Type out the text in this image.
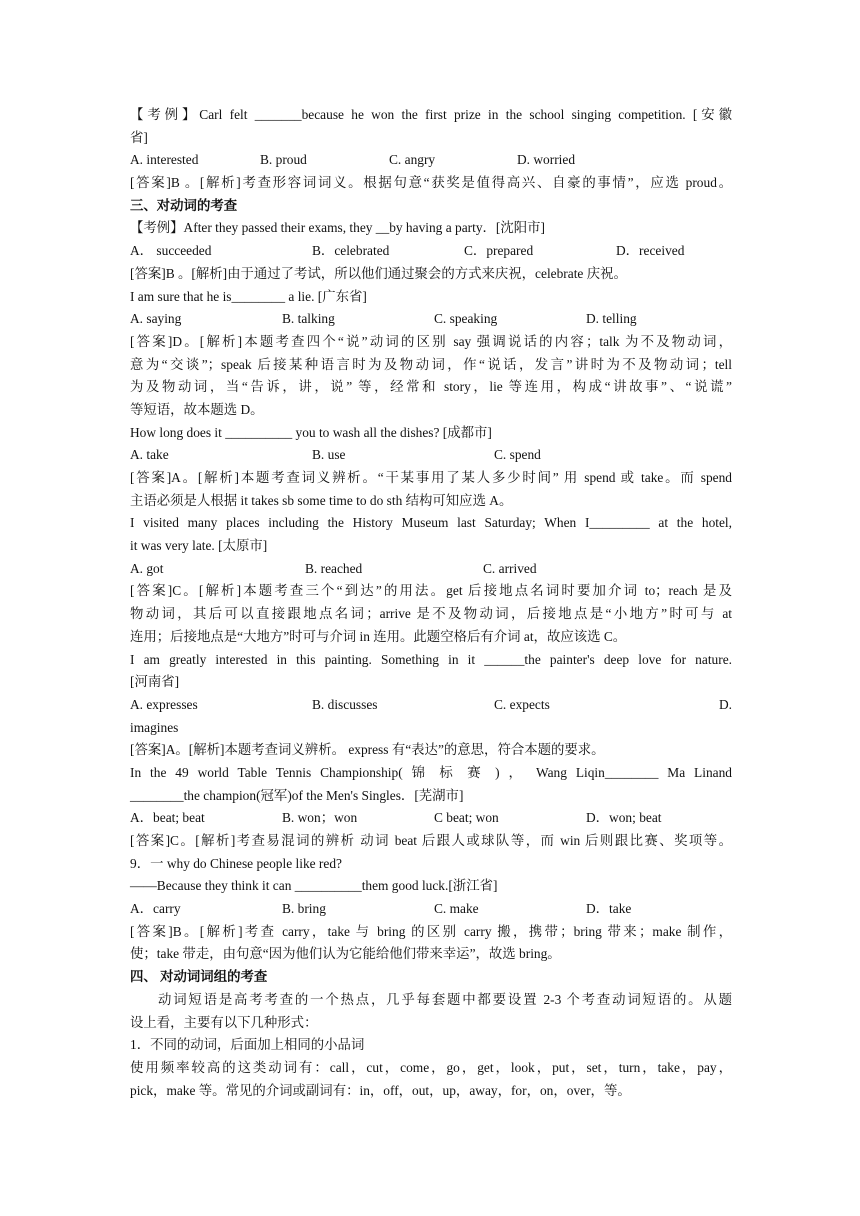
【考例】Carl felt _______because he won the first prize in the school singing competition. [安徽
省]
A. interested	B. proud	C. angry	D. worried
[答案]B 。[解析]考查形容词词义。根据句意“获奖是值得高兴、自豪的事情”，应选 proud。
三、对动词的考查
【考例】After they passed their exams, they __by having a party．[沈阳市]
A． succeeded	B．celebrated	C．prepared	D．received
[答案]B 。[解析]由于通过了考试，所以他们通过聚会的方式来庆祝，celebrate 庆祝。
I am sure that he is________ a lie. [广东省]
A. saying	B. talking	C. speaking	D. telling
[答案]D。[解析]本题考查四个“说”动词的区别 say 强调说话的内容；talk 为不及物动词，
意为“交谈”；speak 后接某种语言时为及物动词，作“说话，发言”讲时为不及物动词；tell
为及物动词，当“告诉，讲，说” 等，经常和 story，lie 等连用，构成“讲故事”、“说谎”
等短语，故本题选 D。
How long does it __________ you to wash all the dishes? [成都市]
A. take	B. use	C. spend
[答案]A。[解析]本题考查词义辨析。“干某事用了某人多少时间” 用 spend 或 take。而 spend
主语必须是人根据 it takes sb some time to do sth 结构可知应选 A。
I visited many places including the History Museum last Saturday; When I_________ at the hotel,
it was very late. [太原市]
A. got	B. reached	C. arrived
[答案]C。[解析]本题考查三个“到达”的用法。get 后接地点名词时要加介词 to；reach 是及
物动词，其后可以直接跟地点名词；arrive 是不及物动词，后接地点是“小地方”时可与 at
连用；后接地点是“大地方”时可与介词 in 连用。此题空格后有介词 at，故应该选 C。
I am greatly interested in this painting. Something in it ______the painter's deep love for nature.
[河南省]
A. expresses	B. discusses	C. expects	D.
imagines
[答案]A。[解析]本题考查词义辨析。 express 有“表达”的意思，符合本题的要求。
In the 49 world Table Tennis Championship( 锦 标 赛 ) ， Wang Liqin________ Ma Linand
________the champion(冠军)of the Men's Singles．[芜湖市]
A．beat; beat	B. won；won	C beat; won	D．won; beat
[答案]C。[解析]考查易混词的辨析 动词 beat 后跟人或球队等，而 win 后则跟比赛、奖项等。
9．一 why do Chinese people like red?
——Because they think it can __________them good luck.[浙江省]
A．carry	B. bring	C. make	D．take
[答案]B。[解析]考查 carry，take 与 bring 的区别 carry 搬，携带；bring 带来；make 制作，
使；take 带走，由句意“因为他们认为它能给他们带来幸运”，故选 bring。
四、 对动词词组的考查
动词短语是高考考查的一个热点，几乎每套题中都要设置 2-3 个考查动词短语的。从题
设上看，主要有以下几种形式：
1．不同的动词，后面加上相同的小品词
使用频率较高的这类动词有：call，cut，come，go，get，look，put，set，turn，take，pay，
pick，make 等。常见的介词或副词有：in，off，out，up，away，for，on，over，等。
